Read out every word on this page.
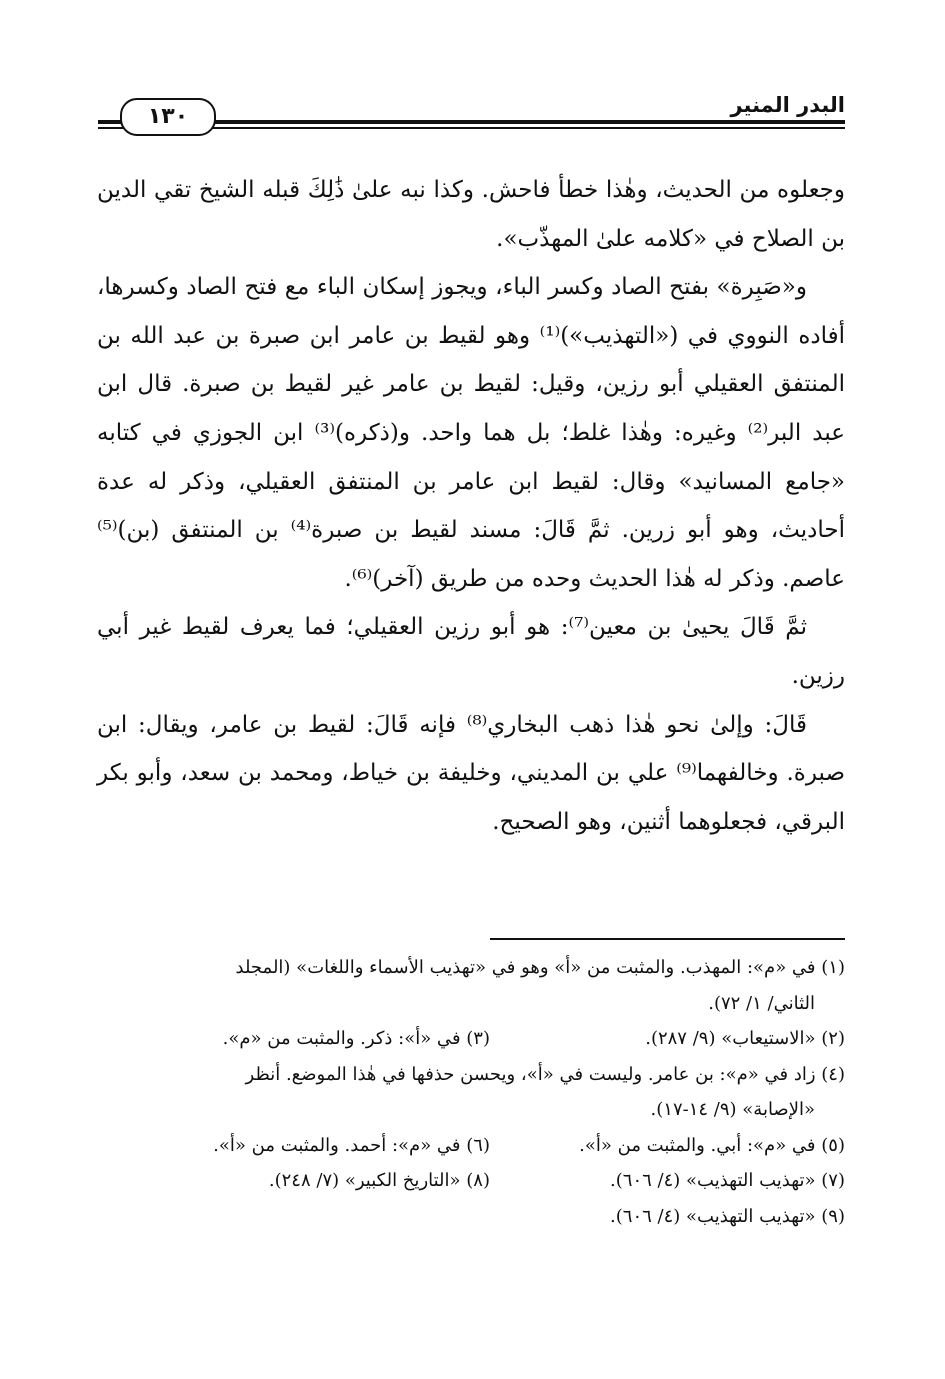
البدر المنير
١٣٠

وجعلوه من الحديث، وهٰذا خطأ فاحش. وكذا نبه علىٰ ذَٰلِكَ قبله الشيخ تقي الدين بن الصلاح في «كلامه علىٰ المهذّب».

و«صَبِرة» بفتح الصاد وكسر الباء، ويجوز إسكان الباء مع فتح الصاد وكسرها، أفاده النووي في («التهذيب»)⁽¹⁾ وهو لقيط بن عامر ابن صبرة بن عبد الله بن المنتفق العقيلي أبو رزين، وقيل: لقيط بن عامر غير لقيط بن صبرة. قال ابن عبد البر⁽²⁾ وغيره: وهٰذا غلط؛ بل هما واحد. و(ذكره)⁽³⁾ ابن الجوزي في كتابه «جامع المسانيد» وقال: لقيط ابن عامر بن المنتفق العقيلي، وذكر له عدة أحاديث، وهو أبو زرين. ثمَّ قَالَ: مسند لقيط بن صبرة⁽⁴⁾ بن المنتفق (بن)⁽⁵⁾ عاصم. وذكر له هٰذا الحديث وحده من طريق (آخر)⁽⁶⁾.

ثمَّ قَالَ يحيىٰ بن معين⁽⁷⁾: هو أبو رزين العقيلي؛ فما يعرف لقيط غير أبي رزين.

قَالَ: وإلىٰ نحو هٰذا ذهب البخاري⁽⁸⁾ فإنه قَالَ: لقيط بن عامر، ويقال: ابن صبرة. وخالفهما⁽⁹⁾ علي بن المديني، وخليفة بن خياط، ومحمد بن سعد، وأبو بكر البرقي، فجعلوهما أثنين، وهو الصحيح.

(١) في «م»: المهذب. والمثبت من «أ» وهو في «تهذيب الأسماء واللغات» (المجلد
الثاني/ ١/ ٧٢).
(٢) «الاستيعاب» (٩/ ٢٨٧).
(٣) في «أ»: ذكر. والمثبت من «م».
(٤) زاد في «م»: بن عامر. وليست في «أ»، ويحسن حذفها في هٰذا الموضع. أنظر
«الإصابة» (٩/ ١٤-١٧).
(٥) في «م»: أبي. والمثبت من «أ».
(٦) في «م»: أحمد. والمثبت من «أ».
(٧) «تهذيب التهذيب» (٤/ ٦٠٦).
(٨) «التاريخ الكبير» (٧/ ٢٤٨).
(٩) «تهذيب التهذيب» (٤/ ٦٠٦).
